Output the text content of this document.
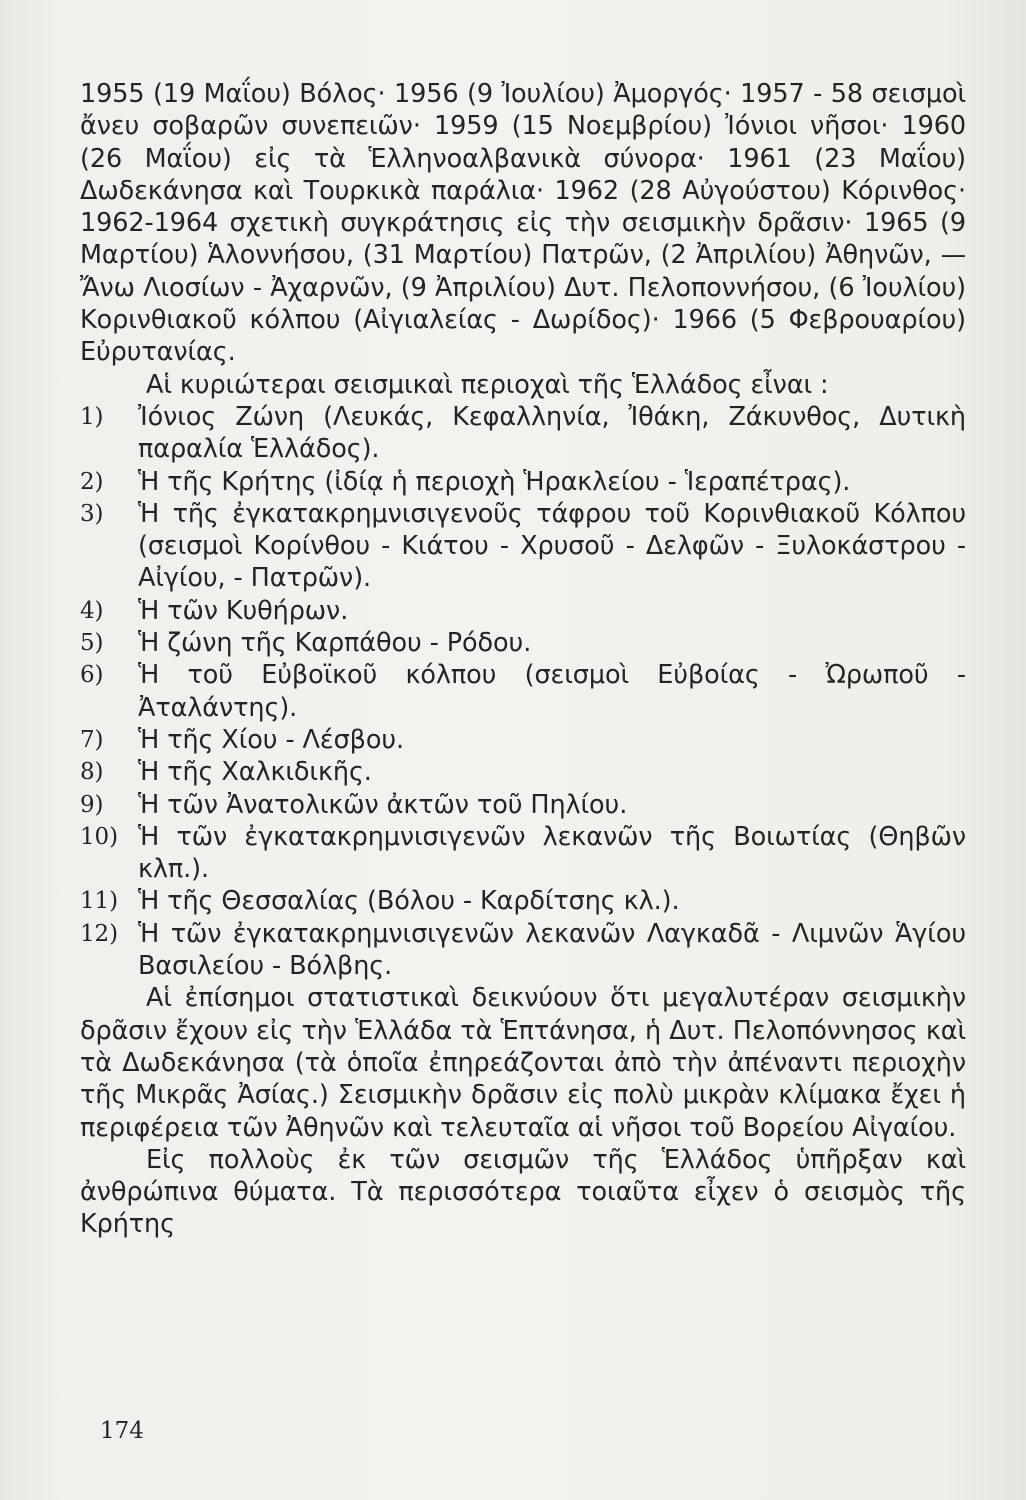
1955 (19 Μαΐου) Βόλος· 1956 (9 Ἰουλίου) Ἀμοργός· 1957 - 58 σεισμοὶ ἄνευ σοβαρῶν συνεπειῶν· 1959 (15 Νοεμβρίου) Ἰόνιοι νῆσοι· 1960 (26 Μαΐου) εἰς τὰ Ἑλληνοαλβανικὰ σύνορα· 1961 (23 Μαΐου) Δωδεκάνησα καὶ Τουρκικὰ παράλια· 1962 (28 Αὐγούστου) Κόρινθος· 1962-1964 σχετικὴ συγκράτησις εἰς τὴν σεισμικὴν δρᾶσιν· 1965 (9 Μαρτίου) Ἁλοννήσου, (31 Μαρτίου) Πατρῶν, (2 Ἀπριλίου) Ἀθηνῶν, —Ἄνω Λιοσίων - Ἀχαρνῶν, (9 Ἀπριλίου) Δυτ. Πελοποννήσου, (6 Ἰουλίου) Κορινθιακοῦ κόλπου (Αἰγιαλείας - Δωρίδος)· 1966 (5 Φεβρουαρίου) Εὐρυτανίας.

Αἱ κυριώτεραι σεισμικαὶ περιοχαὶ τῆς Ἑλλάδος εἶναι :

1)	Ἰόνιος Ζώνη (Λευκάς, Κεφαλληνία, Ἰθάκη, Ζάκυνθος, Δυτικὴ παραλία Ἑλλάδος).
2)	Ἡ τῆς Κρήτης (ἰδίᾳ ἡ περιοχὴ Ἡρακλείου - Ἱεραπέτρας).
3)	Ἡ τῆς ἐγκατακρημνισιγενοῦς τάφρου τοῦ Κορινθιακοῦ Κόλπου (σεισμοὶ Κορίνθου - Κιάτου - Χρυσοῦ - Δελφῶν - Ξυλοκάστρου - Αἰγίου, - Πατρῶν).
4)	Ἡ τῶν Κυθήρων.
5)	Ἡ ζώνη τῆς Καρπάθου - Ρόδου.
6)	Ἡ τοῦ Εὐβοϊκοῦ κόλπου (σεισμοὶ Εὐβοίας - Ὠρωποῦ - Ἀταλάντης).
7)	Ἡ τῆς Χίου - Λέσβου.
8)	Ἡ τῆς Χαλκιδικῆς.
9)	Ἡ τῶν Ἀνατολικῶν ἀκτῶν τοῦ Πηλίου.
10) Ἡ τῶν ἐγκατακρημνισιγενῶν λεκανῶν τῆς Βοιωτίας (Θηβῶν κλπ.).
11) Ἡ τῆς Θεσσαλίας (Βόλου - Καρδίτσης κλ.).
12) Ἡ τῶν ἐγκατακρημνισιγενῶν λεκανῶν Λαγκαδᾶ - Λιμνῶν Ἁγίου Βασιλείου - Βόλβης.

Αἱ ἐπίσημοι στατιστικαὶ δεικνύουν ὅτι μεγαλυτέραν σεισμικὴν δρᾶσιν ἔχουν εἰς τὴν Ἑλλάδα τὰ Ἑπτάνησα, ἡ Δυτ. Πελοπόννησος καὶ τὰ Δωδεκάνησα (τὰ ὁποῖα ἐπηρεάζονται ἀπὸ τὴν ἀπέναντι περιοχὴν τῆς Μικρᾶς Ἀσίας.) Σεισμικὴν δρᾶσιν εἰς πολὺ μικρὰν κλίμακα ἔχει ἡ περιφέρεια τῶν Ἀθηνῶν καὶ τελευταῖα αἱ νῆσοι τοῦ Βορείου Αἰγαίου.

Εἰς πολλοὺς ἐκ τῶν σεισμῶν τῆς Ἑλλάδος ὑπῆρξαν καὶ ἀνθρώπινα θύματα. Τὰ περισσότερα τοιαῦτα εἶχεν ὁ σεισμὸς τῆς Κρήτης

174
